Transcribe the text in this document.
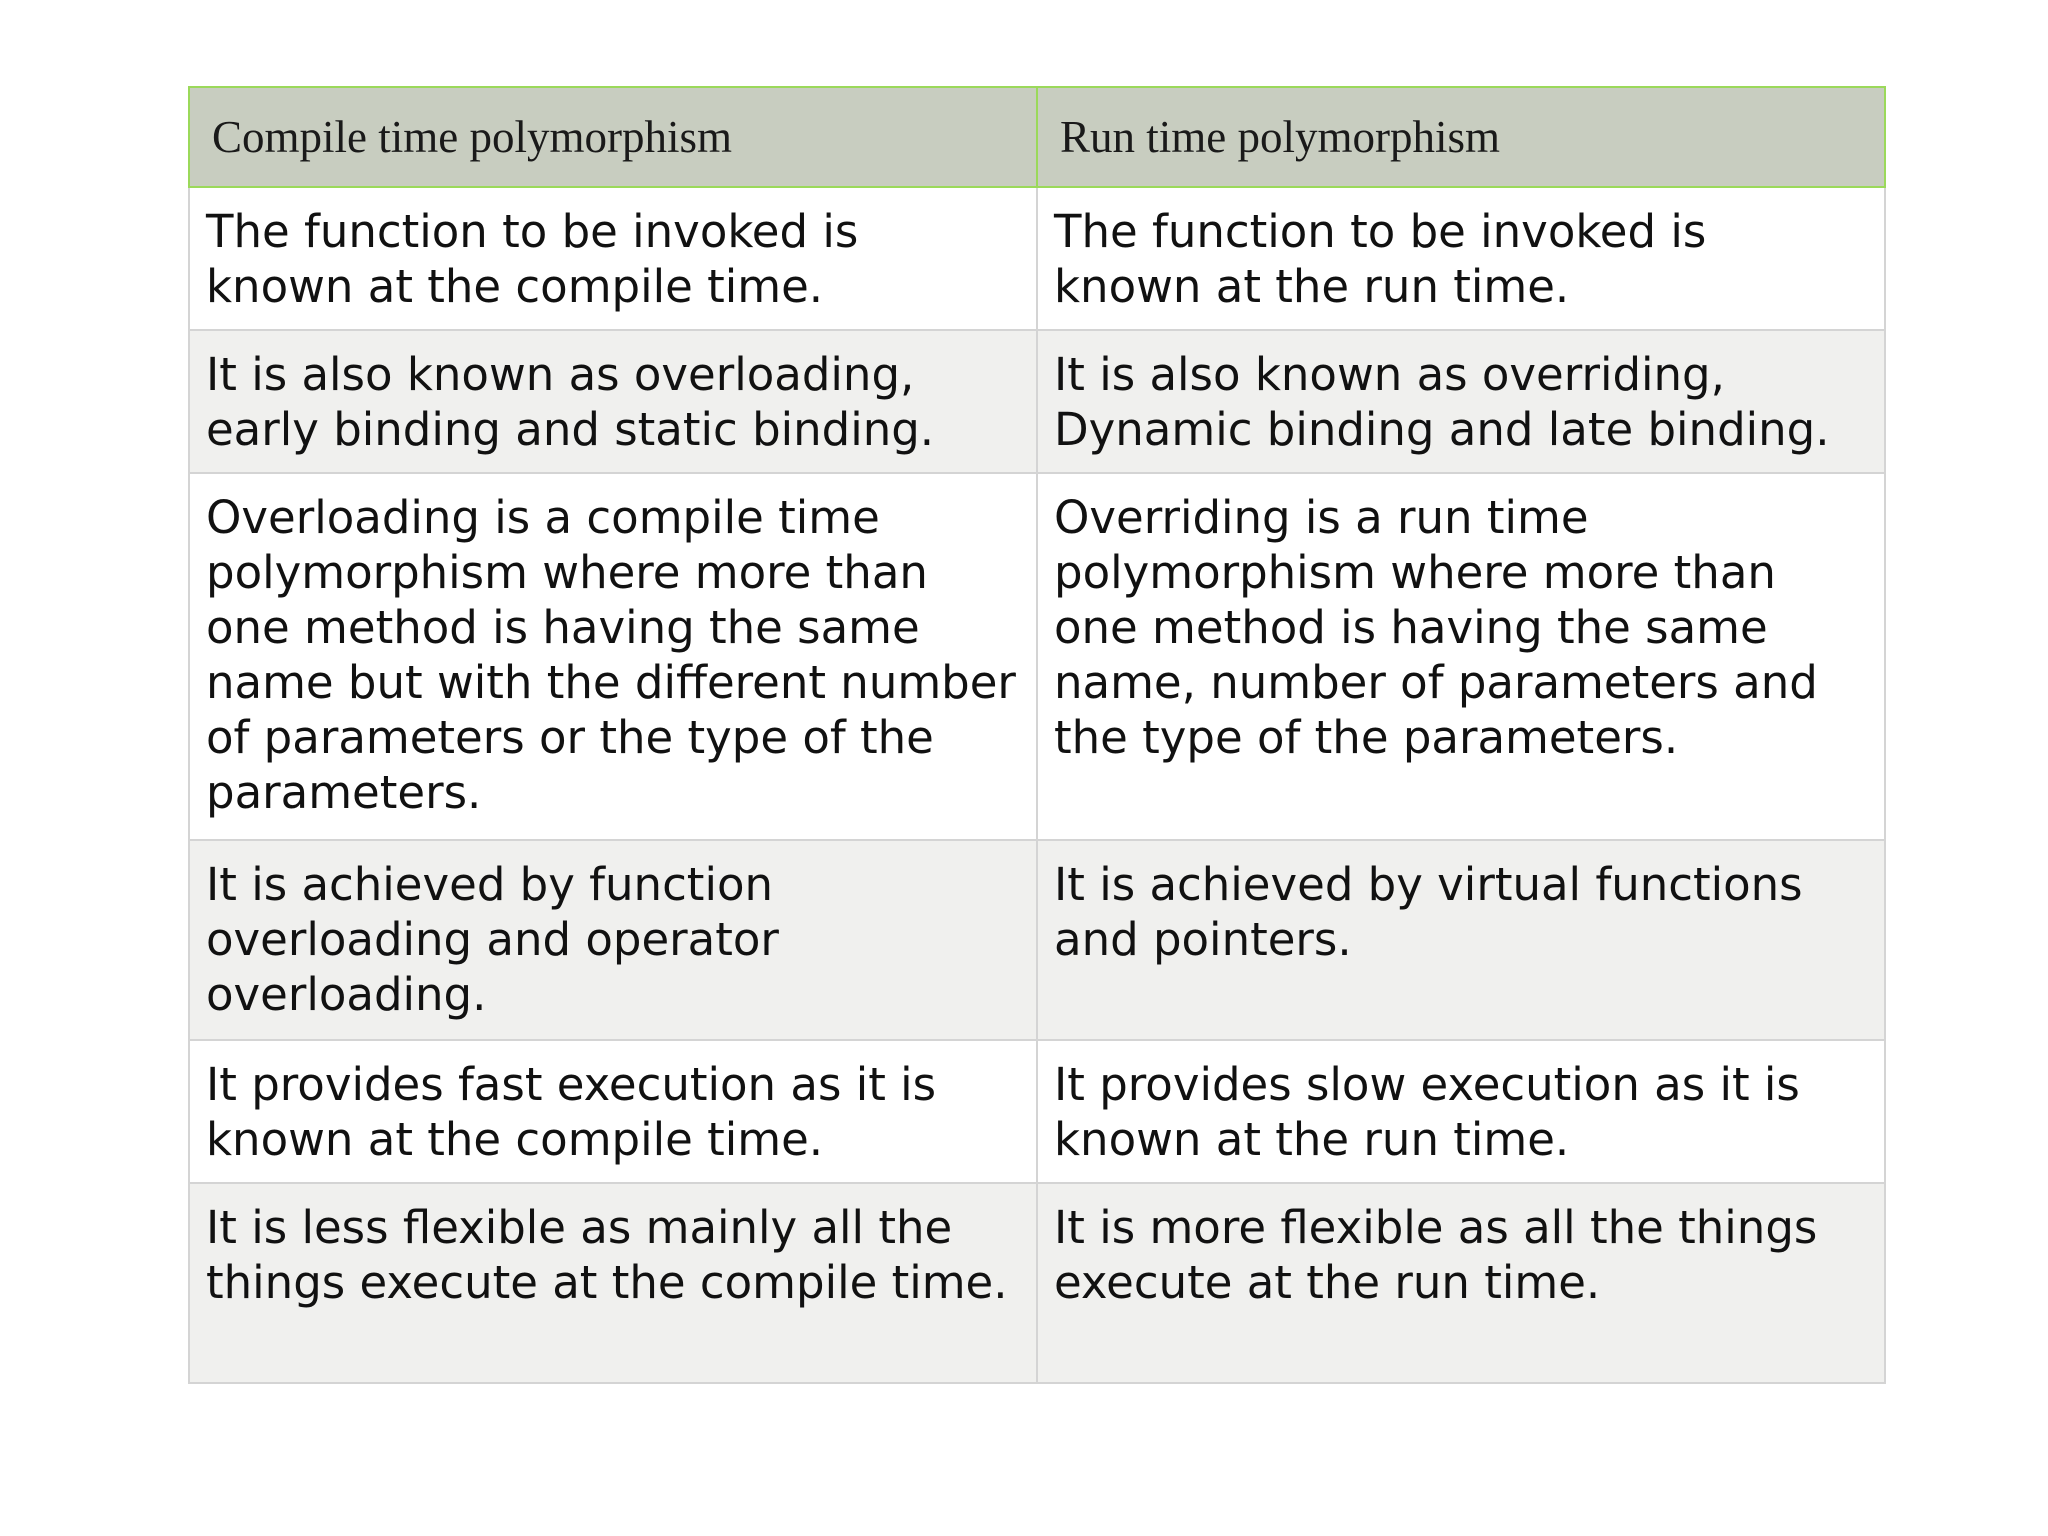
Compile time polymorphism	Run time polymorphism
The function to be invoked is known at the compile time.	The function to be invoked is known at the run time.
It is also known as overloading, early binding and static binding.	It is also known as overriding, Dynamic binding and late binding.
Overloading is a compile time polymorphism where more than one method is having the same name but with the different number of parameters or the type of the parameters.	Overriding is a run time polymorphism where more than one method is having the same name, number of parameters and the type of the parameters.
It is achieved by function overloading and operator overloading.	It is achieved by virtual functions and pointers.
It provides fast execution as it is known at the compile time.	It provides slow execution as it is known at the run time.
It is less flexible as mainly all the things execute at the compile time.	It is more flexible as all the things execute at the run time.
